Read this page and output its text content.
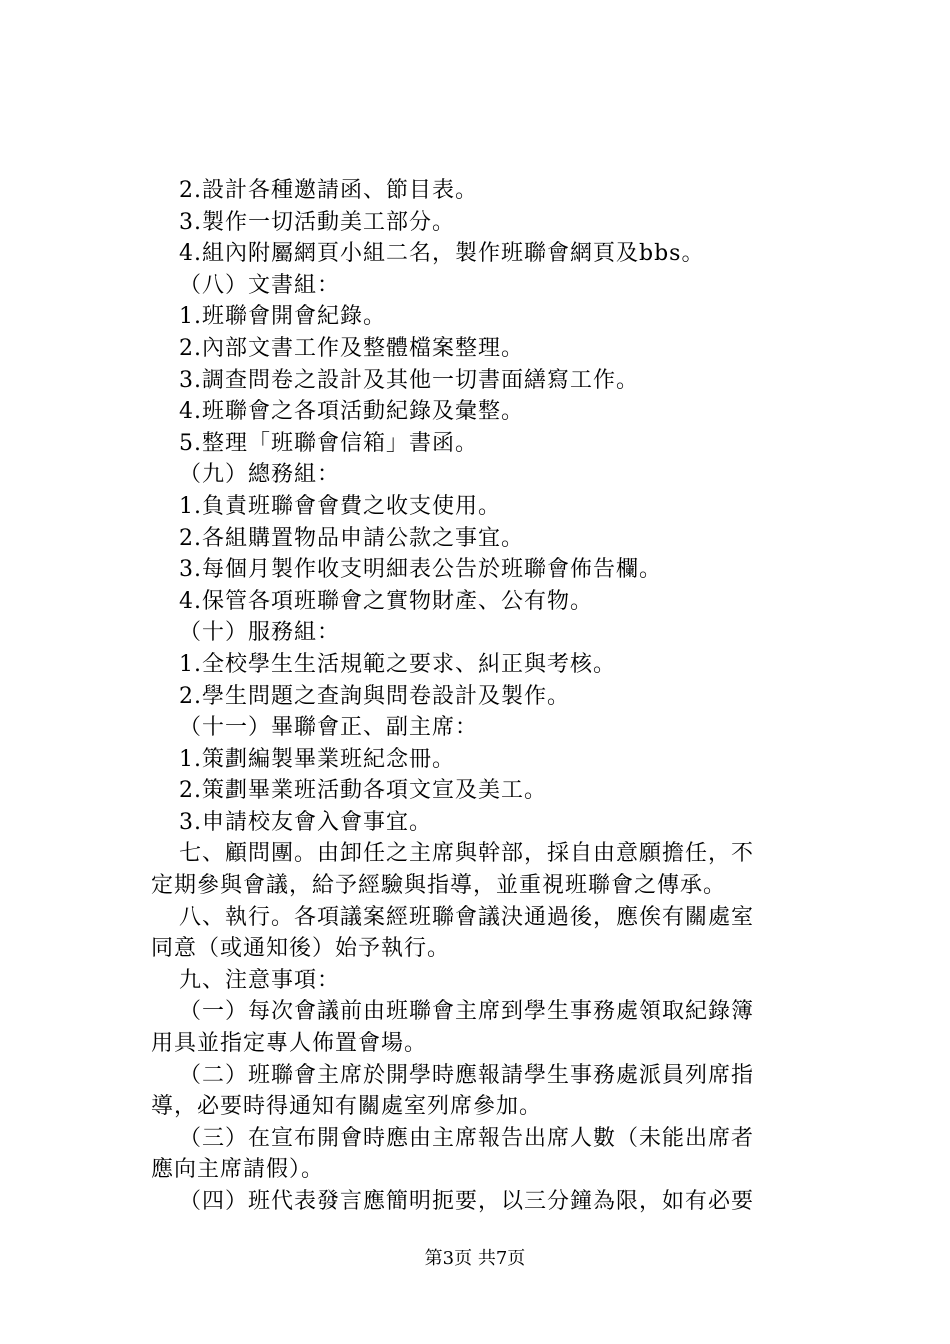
2.設計各種邀請函、節目表。
3.製作一切活動美工部分。
4.組內附屬網頁小組二名，製作班聯會網頁及bbs。
（八）文書組：
1.班聯會開會紀錄。
2.內部文書工作及整體檔案整理。
3.調查問卷之設計及其他一切書面繕寫工作。
4.班聯會之各項活動紀錄及彙整。
5.整理「班聯會信箱」書函。
（九）總務組：
1.負責班聯會會費之收支使用。
2.各組購置物品申請公款之事宜。
3.每個月製作收支明細表公告於班聯會佈告欄。
4.保管各項班聯會之實物財產、公有物。
（十）服務組：
1.全校學生生活規範之要求、糾正與考核。
2.學生問題之查詢與問卷設計及製作。
（十一）畢聯會正、副主席：
1.策劃編製畢業班紀念冊。
2.策劃畢業班活動各項文宣及美工。
3.申請校友會入會事宜。
七、顧問團。由卸任之主席與幹部，採自由意願擔任，不
定期參與會議，給予經驗與指導，並重視班聯會之傳承。
八、執行。各項議案經班聯會議決通過後，應俟有關處室
同意（或通知後）始予執行。
九、注意事項：
（一）每次會議前由班聯會主席到學生事務處領取紀錄簿
用具並指定專人佈置會場。
（二）班聯會主席於開學時應報請學生事務處派員列席指
導，必要時得通知有關處室列席參加。
（三）在宣布開會時應由主席報告出席人數（未能出席者
應向主席請假）。
（四）班代表發言應簡明扼要，以三分鐘為限，如有必要
第3页 共7页
